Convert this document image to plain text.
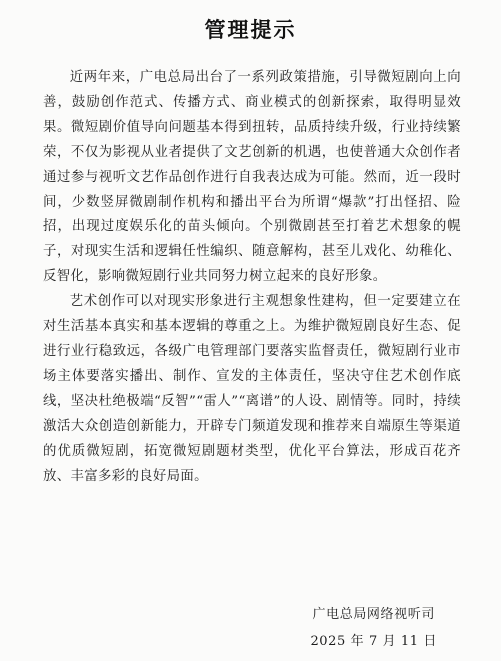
管理提示

近两年来，广电总局出台了一系列政策措施，引导微短剧向上向善，鼓励创作范式、传播方式、商业模式的创新探索，取得明显效果。微短剧价值导向问题基本得到扭转，品质持续升级，行业持续繁荣，不仅为影视从业者提供了文艺创新的机遇，也使普通大众创作者通过参与视听文艺作品创作进行自我表达成为可能。然而，近一段时间，少数竖屏微剧制作机构和播出平台为所谓“爆款”打出怪招、险招，出现过度娱乐化的苗头倾向。个别微剧甚至打着艺术想象的幌子，对现实生活和逻辑任性编织、随意解构，甚至儿戏化、幼稚化、反智化，影响微短剧行业共同努力树立起来的良好形象。

艺术创作可以对现实形象进行主观想象性建构，但一定要建立在对生活基本真实和基本逻辑的尊重之上。为维护微短剧良好生态、促进行业行稳致远，各级广电管理部门要落实监督责任，微短剧行业市场主体要落实播出、制作、宣发的主体责任，坚决守住艺术创作底线，坚决杜绝极端“反智”“雷人”“离谱”的人设、剧情等。同时，持续激活大众创造创新能力，开辟专门频道发现和推荐来自端原生等渠道的优质微短剧，拓宽微短剧题材类型，优化平台算法，形成百花齐放、丰富多彩的良好局面。

广电总局网络视听司
2025 年 7 月 11 日
